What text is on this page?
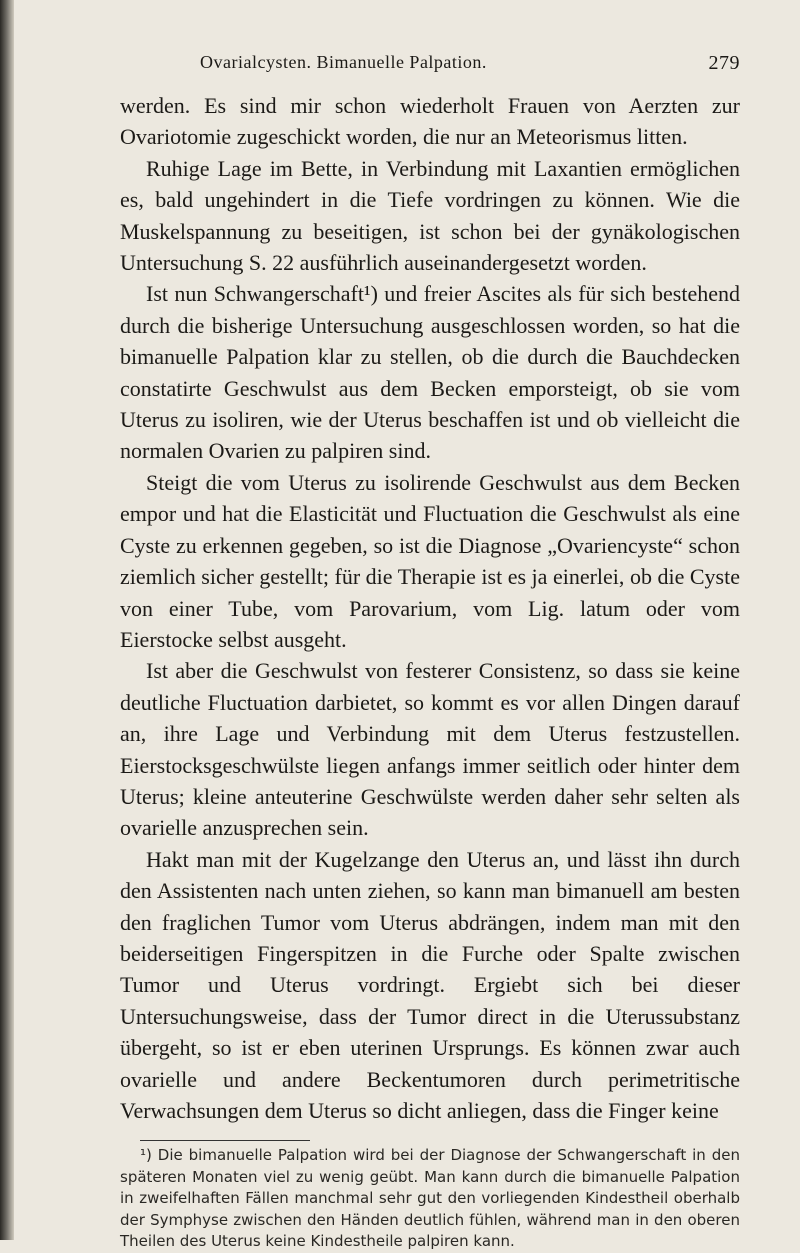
Ovarialcysten. Bimanuelle Palpation.	279

werden. Es sind mir schon wiederholt Frauen von Aerzten zur Ovariotomie zugeschickt worden, die nur an Meteorismus litten.

Ruhige Lage im Bette, in Verbindung mit Laxantien ermöglichen es, bald ungehindert in die Tiefe vordringen zu können. Wie die Muskelspannung zu beseitigen, ist schon bei der gynäkologischen Untersuchung S. 22 ausführlich auseinandergesetzt worden.

Ist nun Schwangerschaft¹) und freier Ascites als für sich bestehend durch die bisherige Untersuchung ausgeschlossen worden, so hat die bimanuelle Palpation klar zu stellen, ob die durch die Bauchdecken constatirte Geschwulst aus dem Becken emporsteigt, ob sie vom Uterus zu isoliren, wie der Uterus beschaffen ist und ob vielleicht die normalen Ovarien zu palpiren sind.

Steigt die vom Uterus zu isolirende Geschwulst aus dem Becken empor und hat die Elasticität und Fluctuation die Geschwulst als eine Cyste zu erkennen gegeben, so ist die Diagnose „Ovariencyste“ schon ziemlich sicher gestellt; für die Therapie ist es ja einerlei, ob die Cyste von einer Tube, vom Parovarium, vom Lig. latum oder vom Eierstocke selbst ausgeht.

Ist aber die Geschwulst von festerer Consistenz, so dass sie keine deutliche Fluctuation darbietet, so kommt es vor allen Dingen darauf an, ihre Lage und Verbindung mit dem Uterus festzustellen. Eierstocksgeschwülste liegen anfangs immer seitlich oder hinter dem Uterus; kleine anteuterine Geschwülste werden daher sehr selten als ovarielle anzusprechen sein.

Hakt man mit der Kugelzange den Uterus an, und lässt ihn durch den Assistenten nach unten ziehen, so kann man bimanuell am besten den fraglichen Tumor vom Uterus abdrängen, indem man mit den beiderseitigen Fingerspitzen in die Furche oder Spalte zwischen Tumor und Uterus vordringt. Ergiebt sich bei dieser Untersuchungsweise, dass der Tumor direct in die Uterussubstanz übergeht, so ist er eben uterinen Ursprungs. Es können zwar auch ovarielle und andere Beckentumoren durch perimetritische Verwachsungen dem Uterus so dicht anliegen, dass die Finger keine

¹) Die bimanuelle Palpation wird bei der Diagnose der Schwangerschaft in den späteren Monaten viel zu wenig geübt. Man kann durch die bimanuelle Palpation in zweifelhaften Fällen manchmal sehr gut den vorliegenden Kindestheil oberhalb der Symphyse zwischen den Händen deutlich fühlen, während man in den oberen Theilen des Uterus keine Kindestheile palpiren kann.
